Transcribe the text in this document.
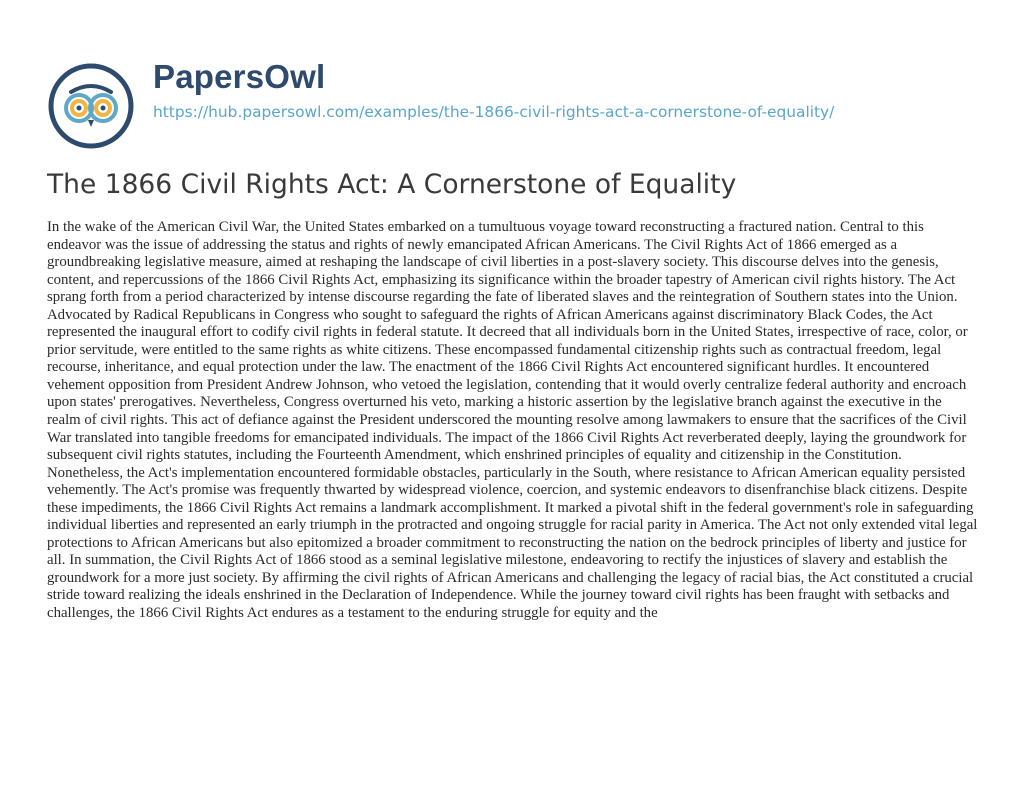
PapersOwl
https://hub.papersowl.com/examples/the-1866-civil-rights-act-a-cornerstone-of-equality/
The 1866 Civil Rights Act: A Cornerstone of Equality

In the wake of the American Civil War, the United States embarked on a tumultuous voyage toward reconstructing a fractured nation. Central to this endeavor was the issue of addressing the status and rights of newly emancipated African Americans. The Civil Rights Act of 1866 emerged as a groundbreaking legislative measure, aimed at reshaping the landscape of civil liberties in a post-slavery society. This discourse delves into the genesis, content, and repercussions of the 1866 Civil Rights Act, emphasizing its significance within the broader tapestry of American civil rights history. The Act sprang forth from a period characterized by intense discourse regarding the fate of liberated slaves and the reintegration of Southern states into the Union. Advocated by Radical Republicans in Congress who sought to safeguard the rights of African Americans against discriminatory Black Codes, the Act represented the inaugural effort to codify civil rights in federal statute. It decreed that all individuals born in the United States, irrespective of race, color, or prior servitude, were entitled to the same rights as white citizens. These encompassed fundamental citizenship rights such as contractual freedom, legal recourse, inheritance, and equal protection under the law. The enactment of the 1866 Civil Rights Act encountered significant hurdles. It encountered vehement opposition from President Andrew Johnson, who vetoed the legislation, contending that it would overly centralize federal authority and encroach upon states' prerogatives. Nevertheless, Congress overturned his veto, marking a historic assertion by the legislative branch against the executive in the realm of civil rights. This act of defiance against the President underscored the mounting resolve among lawmakers to ensure that the sacrifices of the Civil War translated into tangible freedoms for emancipated individuals. The impact of the 1866 Civil Rights Act reverberated deeply, laying the groundwork for subsequent civil rights statutes, including the Fourteenth Amendment, which enshrined principles of equality and citizenship in the Constitution. Nonetheless, the Act's implementation encountered formidable obstacles, particularly in the South, where resistance to African American equality persisted vehemently. The Act's promise was frequently thwarted by widespread violence, coercion, and systemic endeavors to disenfranchise black citizens. Despite these impediments, the 1866 Civil Rights Act remains a landmark accomplishment. It marked a pivotal shift in the federal government's role in safeguarding individual liberties and represented an early triumph in the protracted and ongoing struggle for racial parity in America. The Act not only extended vital legal protections to African Americans but also epitomized a broader commitment to reconstructing the nation on the bedrock principles of liberty and justice for all. In summation, the Civil Rights Act of 1866 stood as a seminal legislative milestone, endeavoring to rectify the injustices of slavery and establish the groundwork for a more just society. By affirming the civil rights of African Americans and challenging the legacy of racial bias, the Act constituted a crucial stride toward realizing the ideals enshrined in the Declaration of Independence. While the journey toward civil rights has been fraught with setbacks and challenges, the 1866 Civil Rights Act endures as a testament to the enduring struggle for equity and the
